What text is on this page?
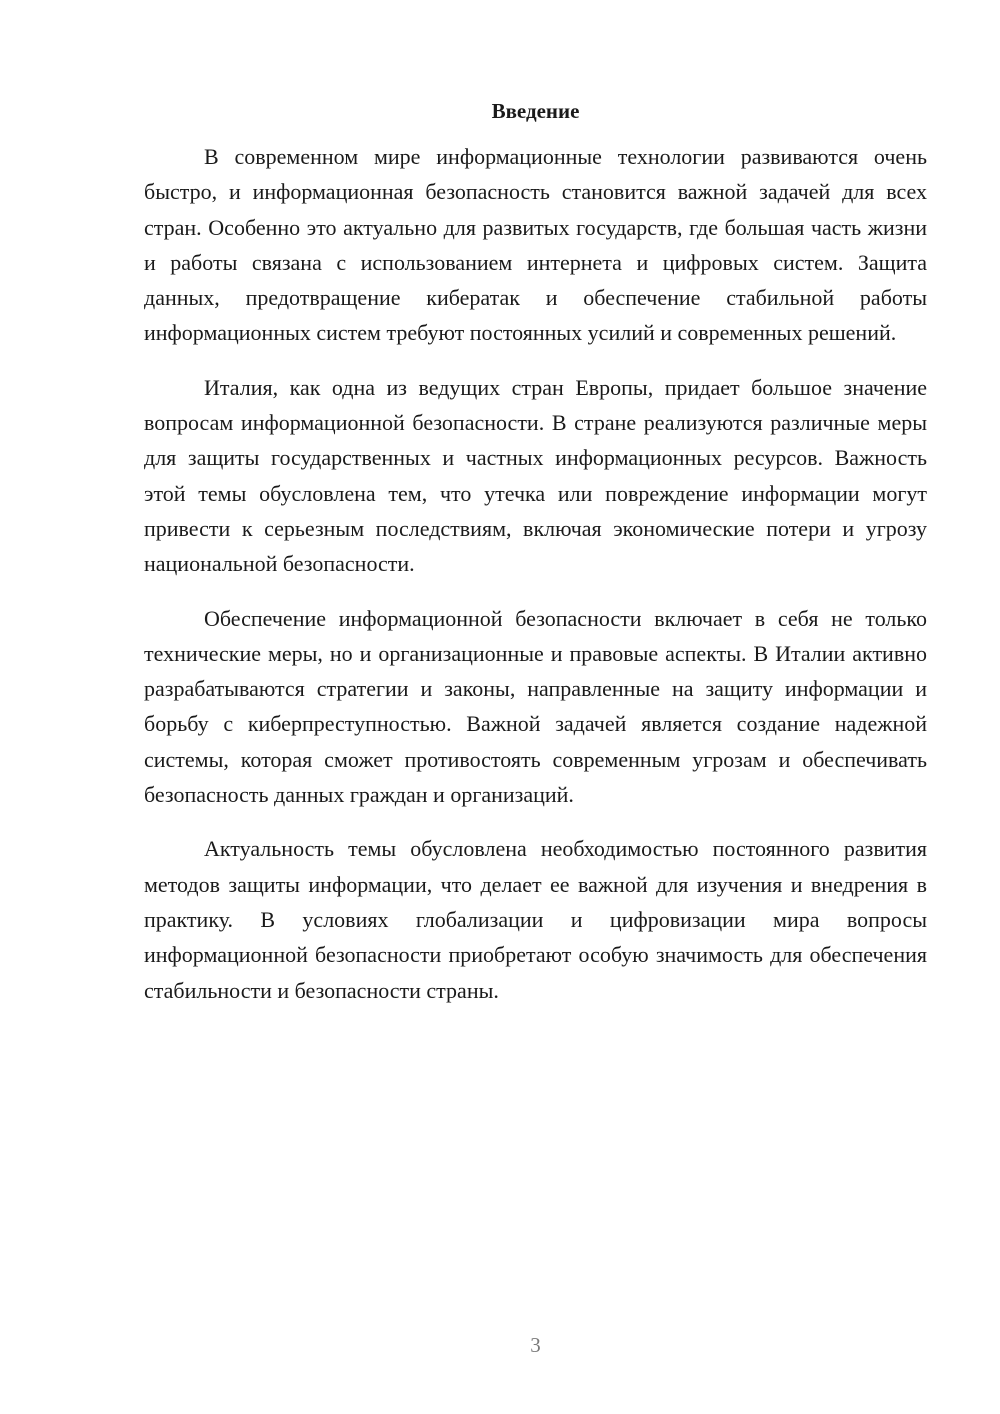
Введение

В современном мире информационные технологии развиваются очень быстро, и информационная безопасность становится важной задачей для всех стран. Особенно это актуально для развитых государств, где большая часть жизни и работы связана с использованием интернета и цифровых систем. Защита данных, предотвращение кибератак и обеспечение стабильной работы информационных систем требуют постоянных усилий и современных решений.

Италия, как одна из ведущих стран Европы, придает большое значение вопросам информационной безопасности. В стране реализуются различные меры для защиты государственных и частных информационных ресурсов. Важность этой темы обусловлена тем, что утечка или повреждение информации могут привести к серьезным последствиям, включая экономические потери и угрозу национальной безопасности.

Обеспечение информационной безопасности включает в себя не только технические меры, но и организационные и правовые аспекты. В Италии активно разрабатываются стратегии и законы, направленные на защиту информации и борьбу с киберпреступностью. Важной задачей является создание надежной системы, которая сможет противостоять современным угрозам и обеспечивать безопасность данных граждан и организаций.

Актуальность темы обусловлена необходимостью постоянного развития методов защиты информации, что делает ее важной для изучения и внедрения в практику. В условиях глобализации и цифровизации мира вопросы информационной безопасности приобретают особую значимость для обеспечения стабильности и безопасности страны.

3
